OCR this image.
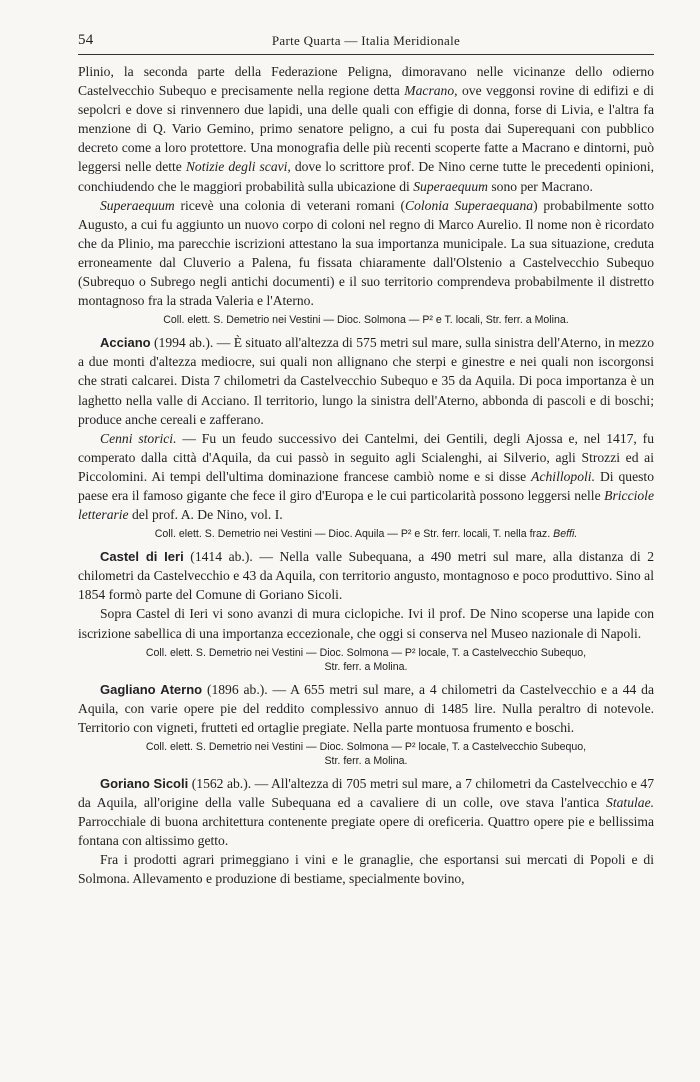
54	Parte Quarta — Italia Meridionale

Plinio, la seconda parte della Federazione Peligna, dimoravano nelle vicinanze dello odierno Castelvecchio Subequo e precisamente nella regione detta Macrano, ove veggonsi rovine di edifizi e di sepolcri e dove si rinvennero due lapidi, una delle quali con effigie di donna, forse di Livia, e l'altra fa menzione di Q. Vario Gemino, primo senatore peligno, a cui fu posta dai Superequani con pubblico decreto come a loro protettore. Una monografia delle più recenti scoperte fatte a Macrano e dintorni, può leggersi nelle dette Notizie degli scavi, dove lo scrittore prof. De Nino cerne tutte le precedenti opinioni, conchiudendo che le maggiori probabilità sulla ubicazione di Superaequum sono per Macrano.

Superaequum ricevè una colonia di veterani romani (Colonia Superaequana) probabilmente sotto Augusto, a cui fu aggiunto un nuovo corpo di coloni nel regno di Marco Aurelio. Il nome non è ricordato che da Plinio, ma parecchie iscrizioni attestano la sua importanza municipale. La sua situazione, creduta erroneamente dal Cluverio a Palena, fu fissata chiaramente dall'Olstenio a Castelvecchio Subequo (Subrequo o Subrego negli antichi documenti) e il suo territorio comprendeva probabilmente il distretto montagnoso fra la strada Valeria e l'Aterno.

Coll. elett. S. Demetrio nei Vestini — Dioc. Solmona — P² e T. locali, Str. ferr. a Molina.

Acciano (1994 ab.). — È situato all'altezza di 575 metri sul mare, sulla sinistra dell'Aterno, in mezzo a due monti d'altezza mediocre, sui quali non allignano che sterpi e ginestre e nei quali non iscorgonsi che strati calcarei. Dista 7 chilometri da Castelvecchio Subequo e 35 da Aquila. Di poca importanza è un laghetto nella valle di Acciano. Il territorio, lungo la sinistra dell'Aterno, abbonda di pascoli e di boschi; produce anche cereali e zafferano.

Cenni storici. — Fu un feudo successivo dei Cantelmi, dei Gentili, degli Ajossa e, nel 1417, fu comperato dalla città d'Aquila, da cui passò in seguito agli Scialenghi, ai Silverio, agli Strozzi ed ai Piccolomini. Ai tempi dell'ultima dominazione francese cambiò nome e si disse Achillopoli. Di questo paese era il famoso gigante che fece il giro d'Europa e le cui particolarità possono leggersi nelle Bricciole letterarie del prof. A. De Nino, vol. I.

Coll. elett. S. Demetrio nei Vestini — Dioc. Aquila — P² e Str. ferr. locali, T. nella fraz. Beffi.

Castel di Ieri (1414 ab.). — Nella valle Subequana, a 490 metri sul mare, alla distanza di 2 chilometri da Castelvecchio e 43 da Aquila, con territorio angusto, montagnoso e poco produttivo. Sino al 1854 formò parte del Comune di Goriano Sicoli.

Sopra Castel di Ieri vi sono avanzi di mura ciclopiche. Ivi il prof. De Nino scoperse una lapide con iscrizione sabellica di una importanza eccezionale, che oggi si conserva nel Museo nazionale di Napoli.

Coll. elett. S. Demetrio nei Vestini — Dioc. Solmona — P² locale, T. a Castelvecchio Subequo,
Str. ferr. a Molina.

Gagliano Aterno (1896 ab.). — A 655 metri sul mare, a 4 chilometri da Castelvecchio e a 44 da Aquila, con varie opere pie del reddito complessivo annuo di 1485 lire. Nulla peraltro di notevole. Territorio con vigneti, frutteti ed ortaglie pregiate. Nella parte montuosa frumento e boschi.

Coll. elett. S. Demetrio nei Vestini — Dioc. Solmona — P² locale, T. a Castelvecchio Subequo,
Str. ferr. a Molina.

Goriano Sicoli (1562 ab.). — All'altezza di 705 metri sul mare, a 7 chilometri da Castelvecchio e 47 da Aquila, all'origine della valle Subequana ed a cavaliere di un colle, ove stava l'antica Statulae. Parrocchiale di buona architettura contenente pregiate opere di oreficeria. Quattro opere pie e bellissima fontana con altissimo getto.

Fra i prodotti agrari primeggiano i vini e le granaglie, che esportansi sui mercati di Popoli e di Solmona. Allevamento e produzione di bestiame, specialmente bovino,
